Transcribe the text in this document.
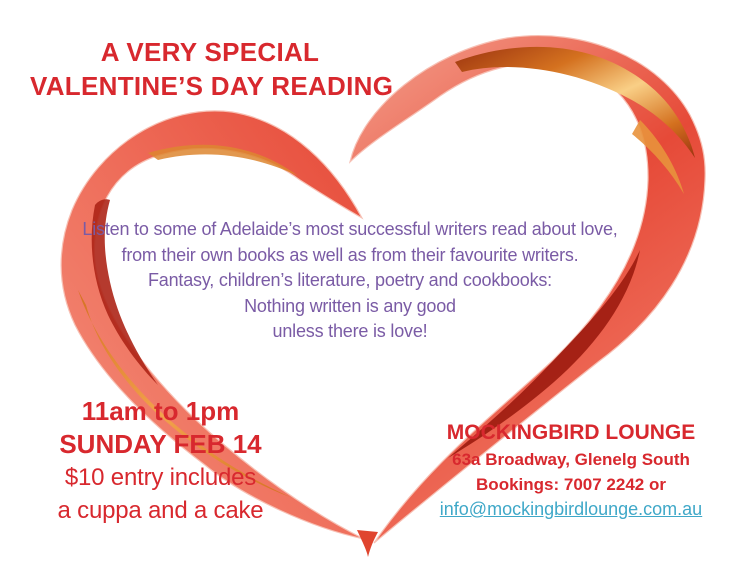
A VERY SPECIAL
VALENTINE’S DAY READING
Listen to some of Adelaide’s most successful writers read about love,
from their own books as well as from their favourite writers.
Fantasy, children’s literature, poetry and cookbooks:
Nothing written is any good
unless there is love!
11am to 1pm
SUNDAY FEB 14
$10 entry includes
a cuppa and a cake
MOCKINGBIRD LOUNGE
63a Broadway, Glenelg South
Bookings: 7007 2242 or
info@mockingbirdlounge.com.au
